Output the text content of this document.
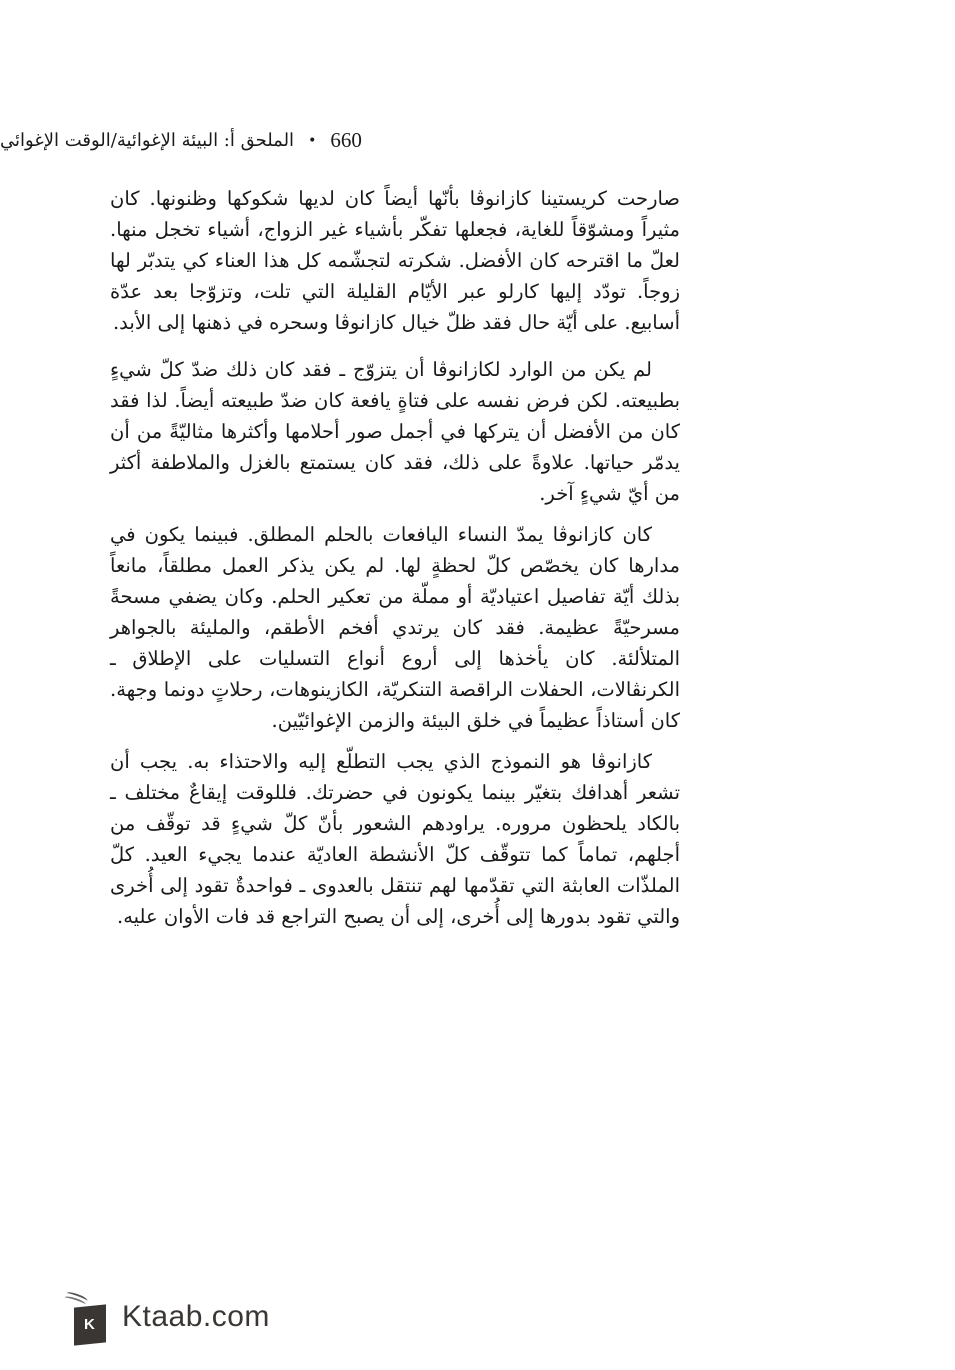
الملحق أ: البيئة الإغوائية/الوقت الإغوائي • 660

صارحت كريستينا كازانوڤا بأنّها أيضاً كان لديها شكوكها وظنونها. كان مثيراً ومشوّقاً للغاية، فجعلها تفكّر بأشياء غير الزواج، أشياء تخجل منها. لعلّ ما اقترحه كان الأفضل. شكرته لتجشّمه كل هذا العناء كي يتدبّر لها زوجاً. تودّد إليها كارلو عبر الأيّام القليلة التي تلت، وتزوّجا بعد عدّة أسابيع. على أيّة حال فقد ظلّ خيال كازانوڤا وسحره في ذهنها إلى الأبد.

لم يكن من الوارد لكازانوڤا أن يتزوّج ـ فقد كان ذلك ضدّ كلّ شيءٍ بطبيعته. لكن فرض نفسه على فتاةٍ يافعة كان ضدّ طبيعته أيضاً. لذا فقد كان من الأفضل أن يتركها في أجمل صور أحلامها وأكثرها مثاليّةً من أن يدمّر حياتها. علاوةً على ذلك، فقد كان يستمتع بالغزل والملاطفة أكثر من أيّ شيءٍ آخر.

كان كازانوڤا يمدّ النساء اليافعات بالحلم المطلق. فبينما يكون في مدارها كان يخصّص كلّ لحظةٍ لها. لم يكن يذكر العمل مطلقاً، مانعاً بذلك أيّة تفاصيل اعتياديّة أو مملّة من تعكير الحلم. وكان يضفي مسحةً مسرحيّةً عظيمة. فقد كان يرتدي أفخم الأطقم، والمليئة بالجواهر المتلألئة. كان يأخذها إلى أروع أنواع التسليات على الإطلاق ـ الكرنڤالات، الحفلات الراقصة التنكريّة، الكازينوهات، رحلاتٍ دونما وجهة. كان أستاذاً عظيماً في خلق البيئة والزمن الإغوائيّين.

كازانوڤا هو النموذج الذي يجب التطلّع إليه والاحتذاء به. يجب أن تشعر أهدافك بتغيّر بينما يكونون في حضرتك. فللوقت إيقاعٌ مختلف ـ بالكاد يلحظون مروره. يراودهم الشعور بأنّ كلّ شيءٍ قد توقّف من أجلهم، تماماً كما تتوقّف كلّ الأنشطة العاديّة عندما يجيء العيد. كلّ الملذّات العابثة التي تقدّمها لهم تنتقل بالعدوى ـ فواحدةٌ تقود إلى أُخرى والتي تقود بدورها إلى أُخرى، إلى أن يصبح التراجع قد فات الأوان عليه.

K Ktaab.com
